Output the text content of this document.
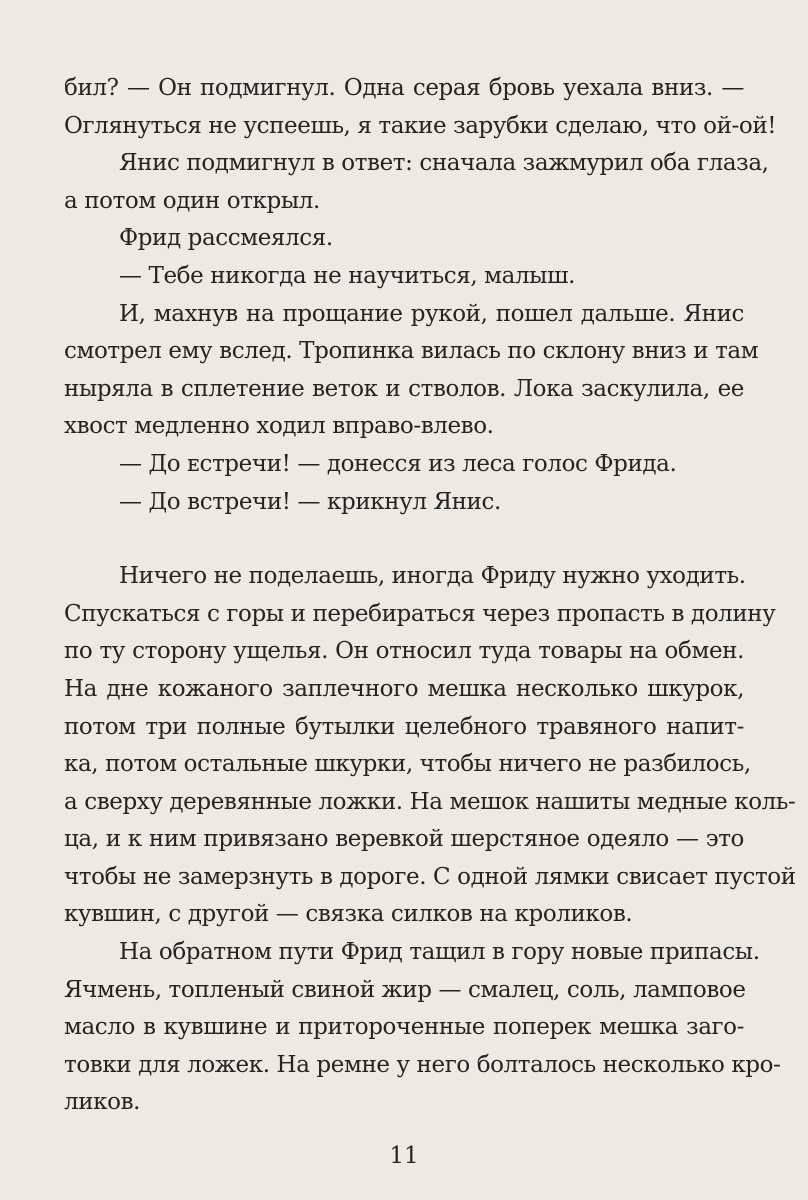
бил? — Он подмигнул. Одна серая бровь уехала вниз. —
Оглянуться не успеешь, я такие зарубки сделаю, что ой-ой!
Янис подмигнул в ответ: сначала зажмурил оба глаза,
а потом один открыл.
Фрид рассмеялся.
— Тебе никогда не научиться, малыш.
И, махнув на прощание рукой, пошел дальше. Янис
смотрел ему вслед. Тропинка вилась по склону вниз и там
ныряла в сплетение веток и стволов. Лока заскулила, ее
хвост медленно ходил вправо-влево.
— До ᴇстречи! — донесся из леса голос Фрида.
— До встречи! — крикнул Янис.
Ничего не поделаешь, иногда Фриду нужно уходить.
Спускаться с горы и перебираться через пропасть в долину
по ту сторону ущелья. Он относил туда товары на обмен.
На дне кожаного заплечного мешка несколько шкурок,
потом три полные бутылки целебного травяного напит-
ка, потом остальные шкурки, чтобы ничего не разбилось,
а сверху деревянные ложки. На мешок нашиты медные коль-
ца, и к ним привязано веревкой шерстяное одеяло — это
чтобы не замерзнуть в дороге. С одной лямки свисает пустой
кувшин, с другой — связка силков на кроликов.
На обратном пути Фрид тащил в гору новые припасы.
Ячмень, топленый свиной жир — смалец, соль, ламповое
масло в кувшине и приторoченные поперек мешка заго-
товки для ложек. На ремне у него болталось несколько кро-
ликов.
11
